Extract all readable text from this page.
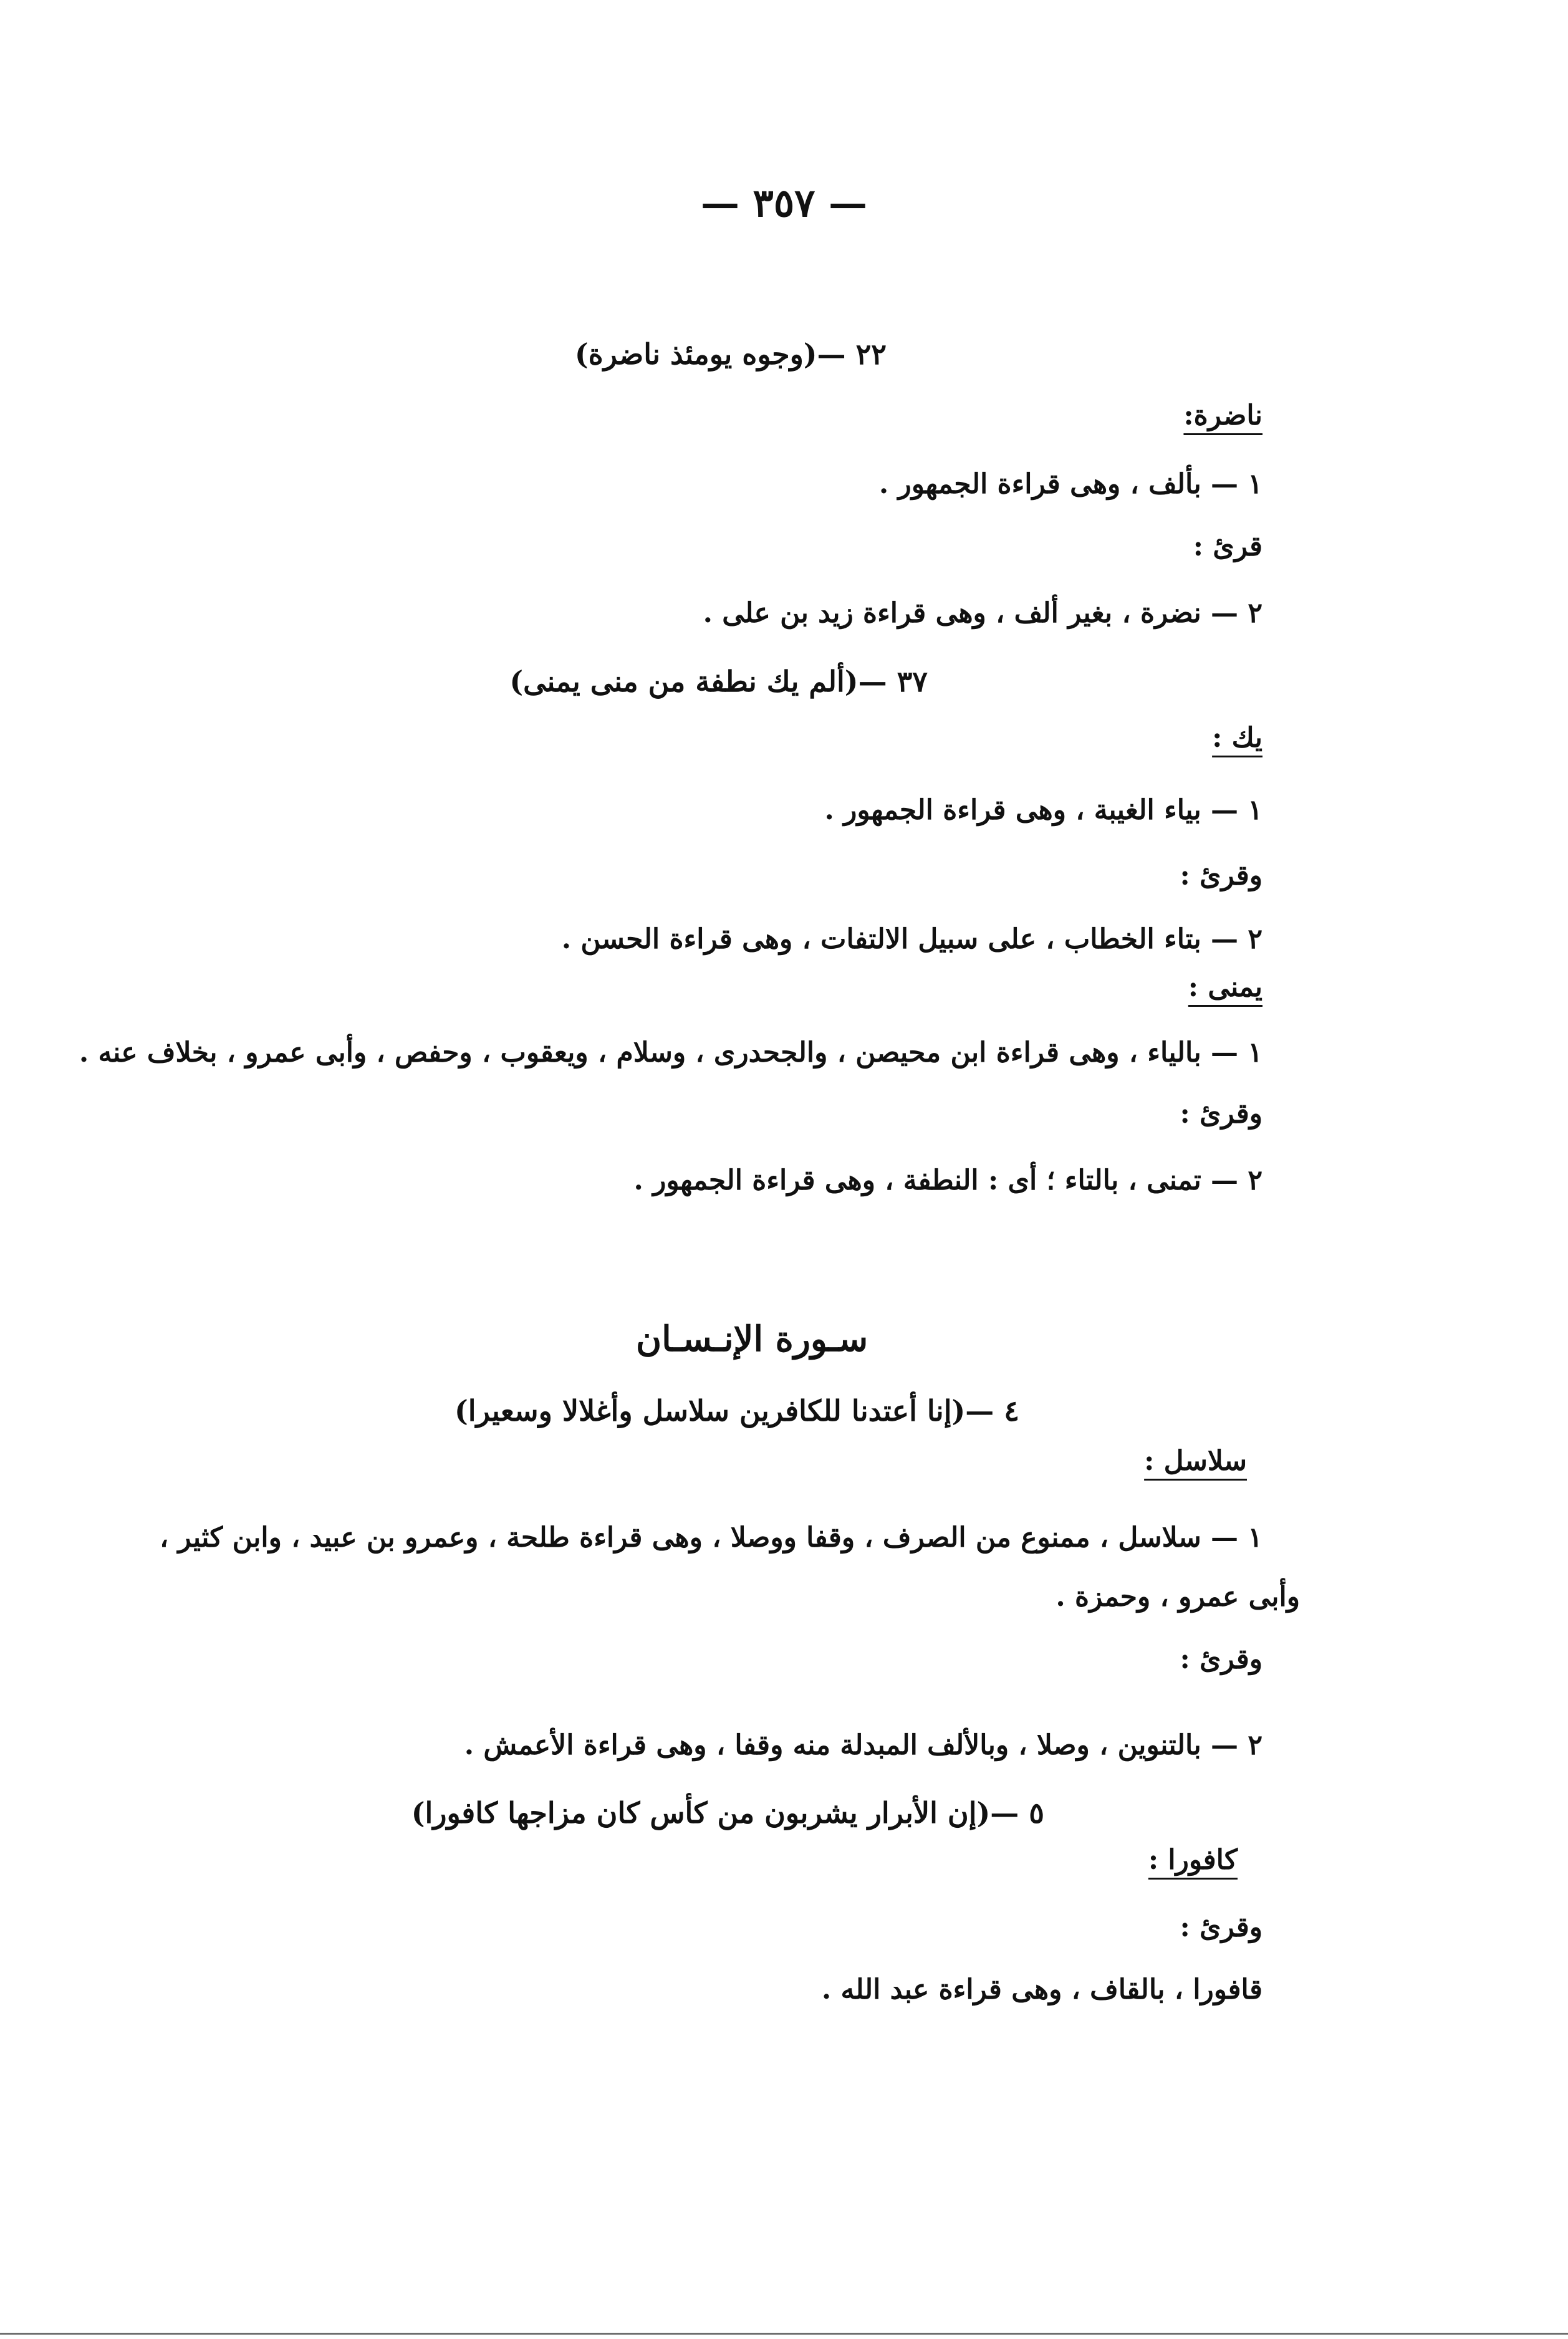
— ٣٥٧ —
٢٢ —(وجوه يومئذ ناضرة)
ناضرة:
١ — بألف ، وهى قراءة الجمهور .
قرئ :
٢ — نضرة ، بغير ألف ، وهى قراءة زيد بن على .
٣٧ —(ألم يك نطفة من منى يمنى)
يك :
١ — بياء الغيبة ، وهى قراءة الجمهور .
وقرئ :
٢ — بتاء الخطاب ، على سبيل الالتفات ، وهى قراءة الحسن .
يمنى :
١ — بالياء ، وهى قراءة ابن محيصن ، والجحدرى ، وسلام ، ويعقوب ، وحفص ، وأبى عمرو ، بخلاف عنه .
وقرئ :
٢ — تمنى ، بالتاء ؛ أى : النطفة ، وهى قراءة الجمهور .
سـورة الإنـسـان
٤ —(إنا أعتدنا للكافرين سلاسل وأغلالا وسعيرا)
سلاسل :
١ — سلاسل ، ممنوع من الصرف ، وقفا ووصلا ، وهى قراءة طلحة ، وعمرو بن عبيد ، وابن كثير ،
وأبى عمرو ، وحمزة .
وقرئ :
٢ — بالتنوين ، وصلا ، وبالألف المبدلة منه وقفا ، وهى قراءة الأعمش .
٥ —(إن الأبرار يشربون من كأس كان مزاجها كافورا)
كافورا :
وقرئ :
قافورا ، بالقاف ، وهى قراءة عبد الله .
